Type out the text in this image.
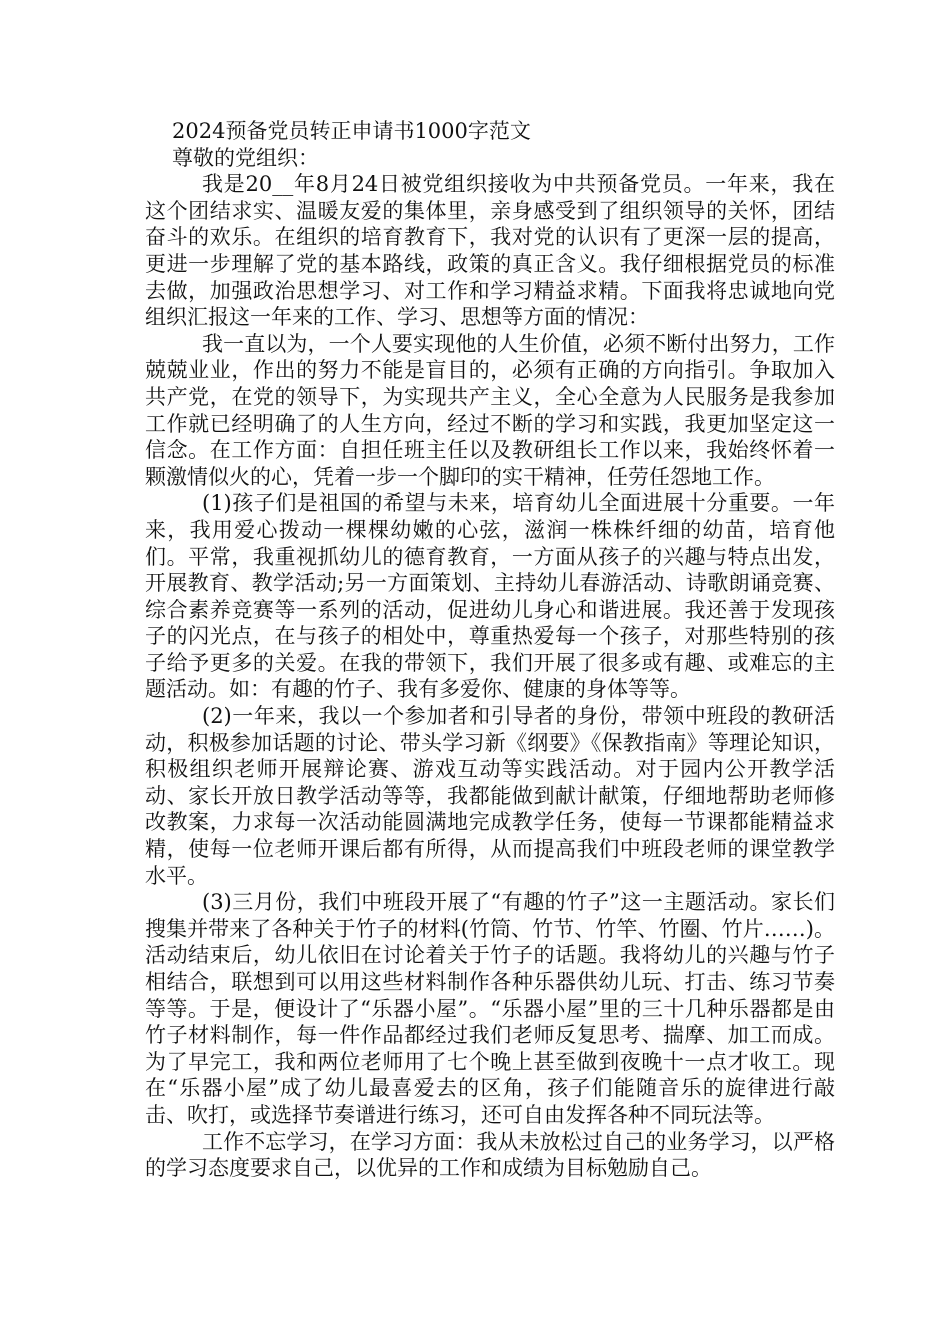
2024预备党员转正申请书1000字范文

尊敬的党组织：

我是20__年8月24日被党组织接收为中共预备党员。一年来，我在这个团结求实、温暖友爱的集体里，亲身感受到了组织领导的关怀，团结奋斗的欢乐。在组织的培育教育下，我对党的认识有了更深一层的提高，更进一步理解了党的基本路线，政策的真正含义。我仔细根据党员的标准去做，加强政治思想学习、对工作和学习精益求精。下面我将忠诚地向党组织汇报这一年来的工作、学习、思想等方面的情况：

我一直以为，一个人要实现他的人生价值，必须不断付出努力，工作兢兢业业，作出的努力不能是盲目的，必须有正确的方向指引。争取加入共产党，在党的领导下，为实现共产主义，全心全意为人民服务是我参加工作就已经明确了的人生方向，经过不断的学习和实践，我更加坚定这一信念。在工作方面：自担任班主任以及教研组长工作以来，我始终怀着一颗激情似火的心，凭着一步一个脚印的实干精神，任劳任怨地工作。

(1)孩子们是祖国的希望与未来，培育幼儿全面进展十分重要。一年来，我用爱心拨动一棵棵幼嫩的心弦，滋润一株株纤细的幼苗，培育他们。平常，我重视抓幼儿的德育教育，一方面从孩子的兴趣与特点出发，开展教育、教学活动;另一方面策划、主持幼儿春游活动、诗歌朗诵竞赛、综合素养竞赛等一系列的活动，促进幼儿身心和谐进展。我还善于发现孩子的闪光点，在与孩子的相处中，尊重热爱每一个孩子，对那些特别的孩子给予更多的关爱。在我的带领下，我们开展了很多或有趣、或难忘的主题活动。如：有趣的竹子、我有多爱你、健康的身体等等。

(2)一年来，我以一个参加者和引导者的身份，带领中班段的教研活动，积极参加话题的讨论、带头学习新《纲要》《保教指南》等理论知识，积极组织老师开展辩论赛、游戏互动等实践活动。对于园内公开教学活动、家长开放日教学活动等等，我都能做到献计献策，仔细地帮助老师修改教案，力求每一次活动能圆满地完成教学任务，使每一节课都能精益求精，使每一位老师开课后都有所得，从而提高我们中班段老师的课堂教学水平。

(3)三月份，我们中班段开展了“有趣的竹子”这一主题活动。家长们搜集并带来了各种关于竹子的材料(竹筒、竹节、竹竿、竹圈、竹片……)。活动结束后，幼儿依旧在讨论着关于竹子的话题。我将幼儿的兴趣与竹子相结合，联想到可以用这些材料制作各种乐器供幼儿玩、打击、练习节奏等等。于是，便设计了“乐器小屋”。“乐器小屋”里的三十几种乐器都是由竹子材料制作，每一件作品都经过我们老师反复思考、揣摩、加工而成。为了早完工，我和两位老师用了七个晚上甚至做到夜晚十一点才收工。现在“乐器小屋”成了幼儿最喜爱去的区角，孩子们能随音乐的旋律进行敲击、吹打，或选择节奏谱进行练习，还可自由发挥各种不同玩法等。

工作不忘学习，在学习方面：我从未放松过自己的业务学习，以严格的学习态度要求自己，以优异的工作和成绩为目标勉励自己。
